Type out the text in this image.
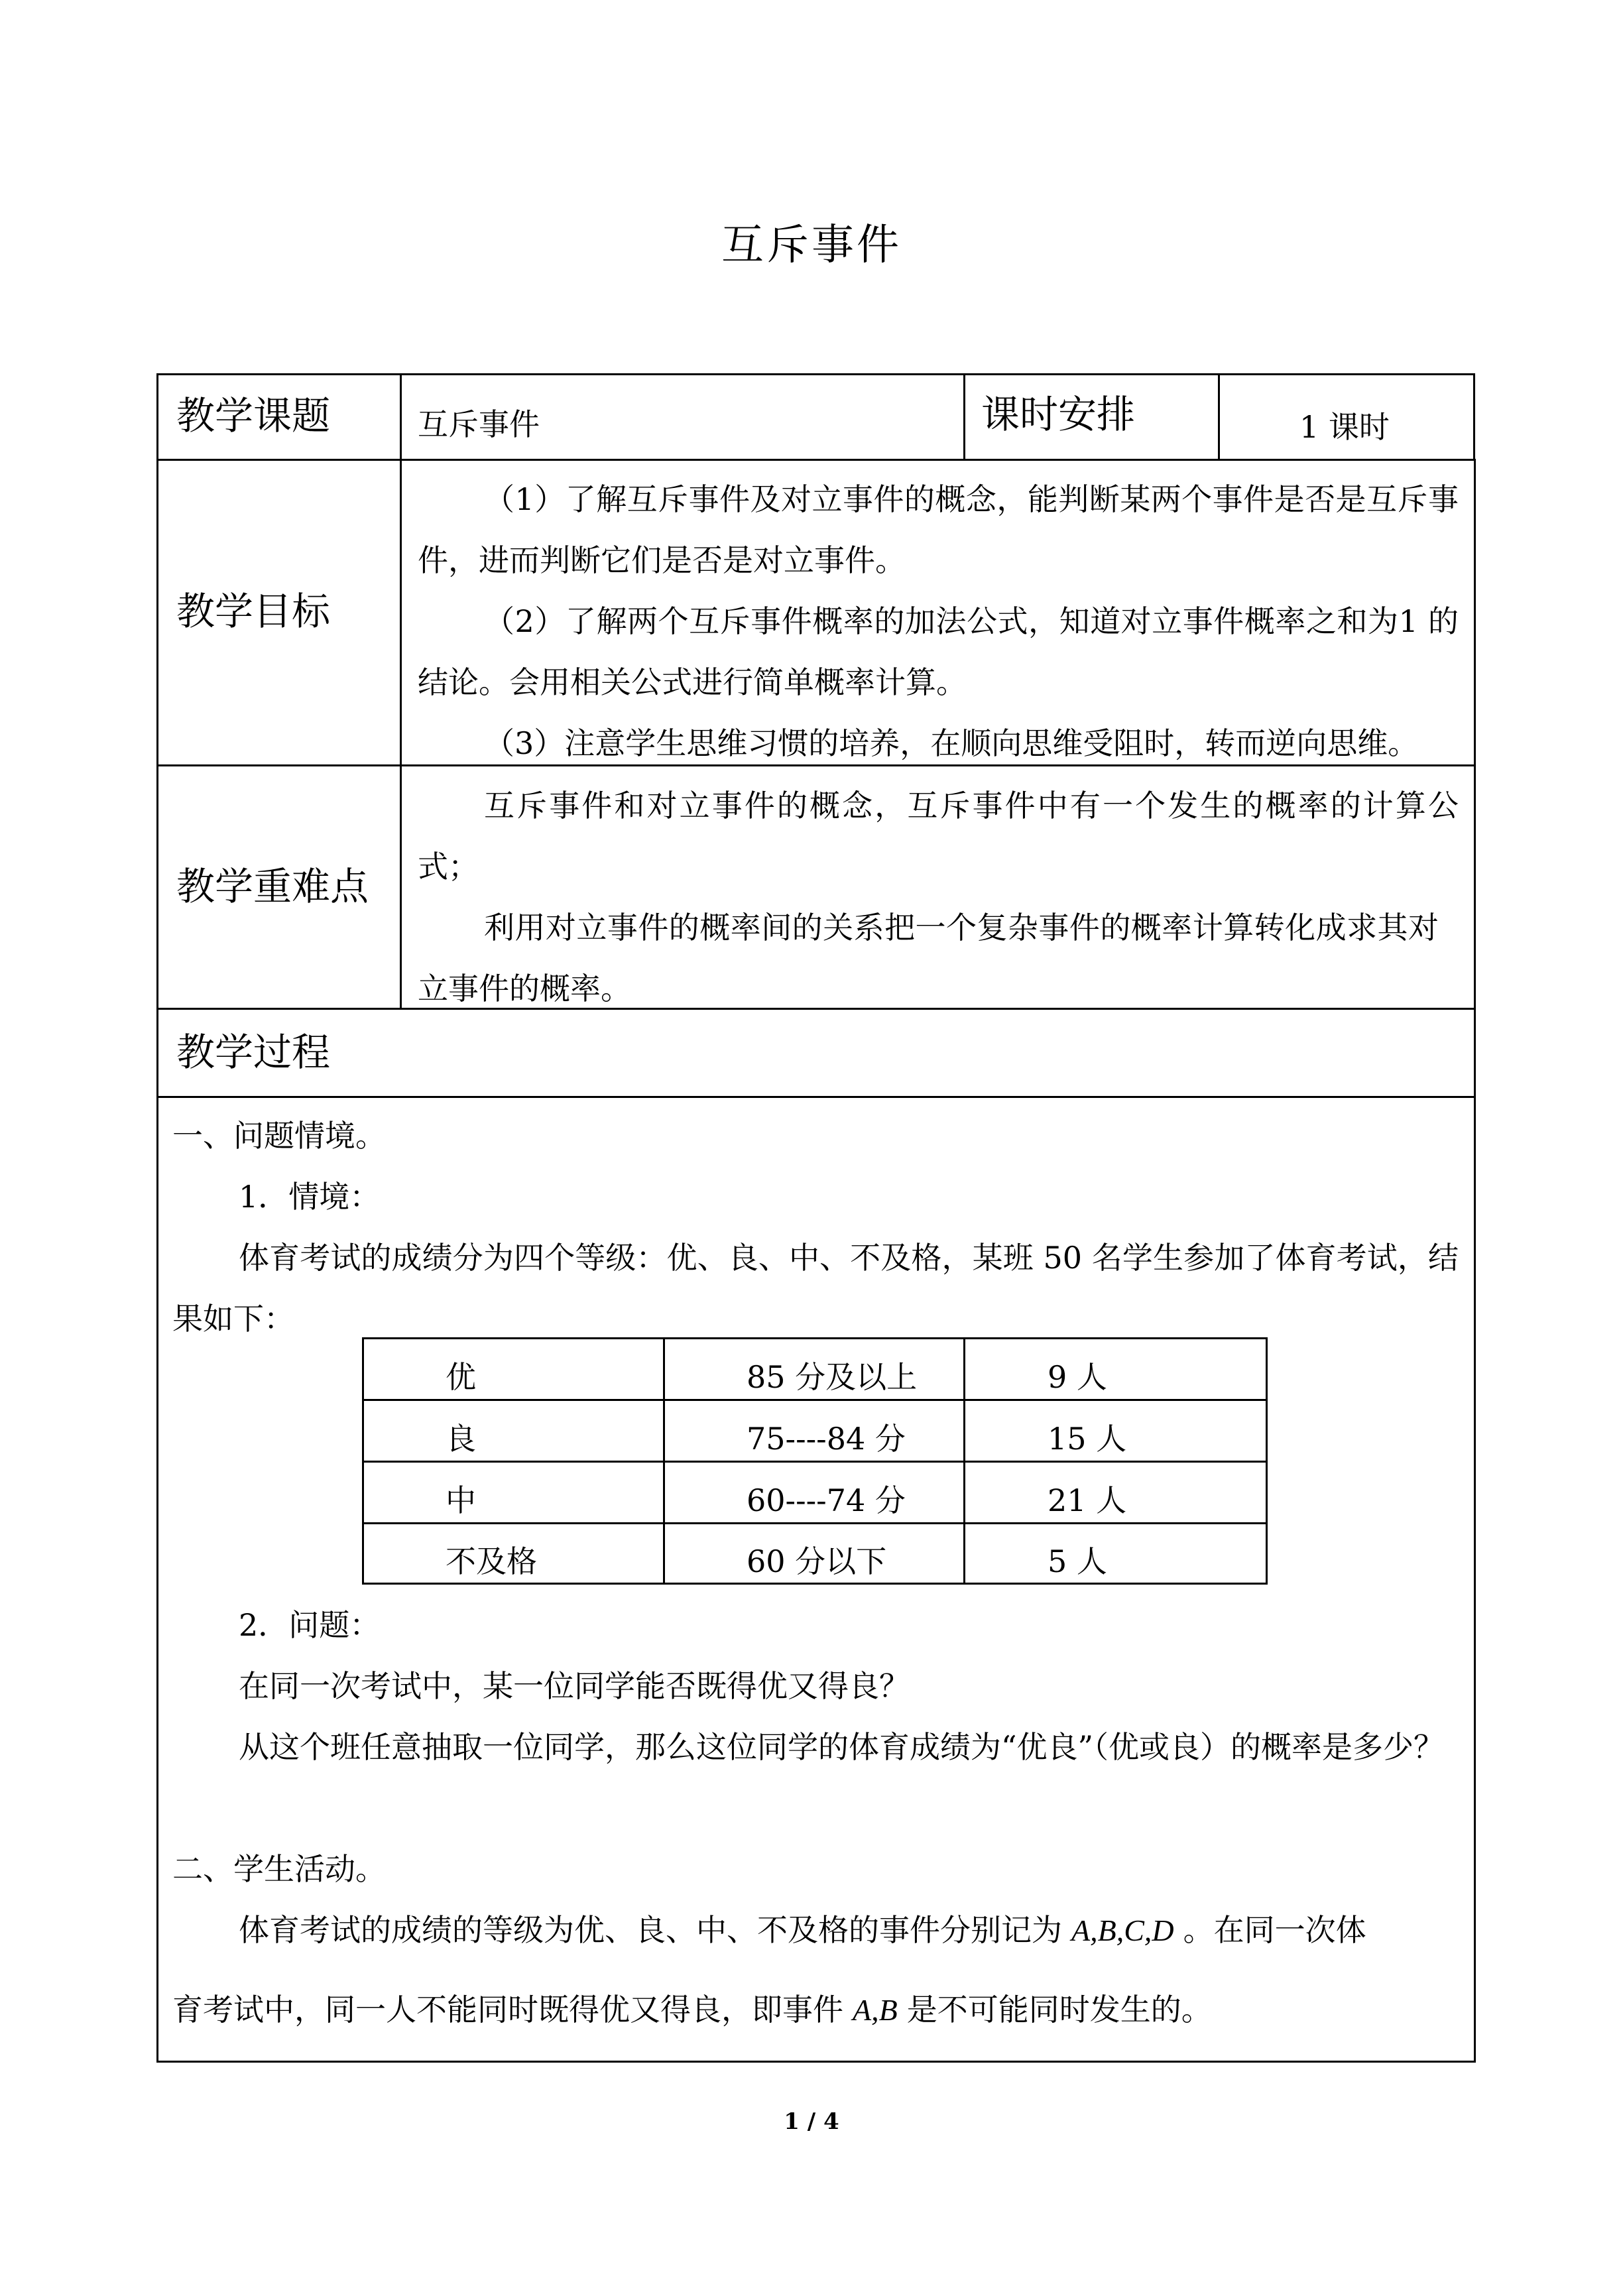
互斥事件
教学课题	互斥事件	课时安排	1 课时
教学目标
（1）了解互斥事件及对立事件的概念，能判断某两个事件是否是互斥事件，进而判断它们是否是对立事件。
（2）了解两个互斥事件概率的加法公式，知道对立事件概率之和为1 的结论。会用相关公式进行简单概率计算。
（3）注意学生思维习惯的培养，在顺向思维受阻时，转而逆向思维。
教学重难点
互斥事件和对立事件的概念，互斥事件中有一个发生的概率的计算公式；
利用对立事件的概率间的关系把一个复杂事件的概率计算转化成求其对立事件的概率。
教学过程
一、问题情境。
1．情境：
体育考试的成绩分为四个等级：优、良、中、不及格，某班 50 名学生参加了体育考试，结果如下：
优	85 分及以上	9 人
良	75----84 分	15 人
中	60----74 分	21 人
不及格	60 分以下	5 人
2．问题：
在同一次考试中，某一位同学能否既得优又得良？
从这个班任意抽取一位同学，那么这位同学的体育成绩为“优良”（优或良）的概率是多少？
二、学生活动。
体育考试的成绩的等级为优、良、中、不及格的事件分别记为 A,B,C,D 。在同一次体
育考试中，同一人不能同时既得优又得良，即事件 A,B 是不可能同时发生的。
1 / 4
